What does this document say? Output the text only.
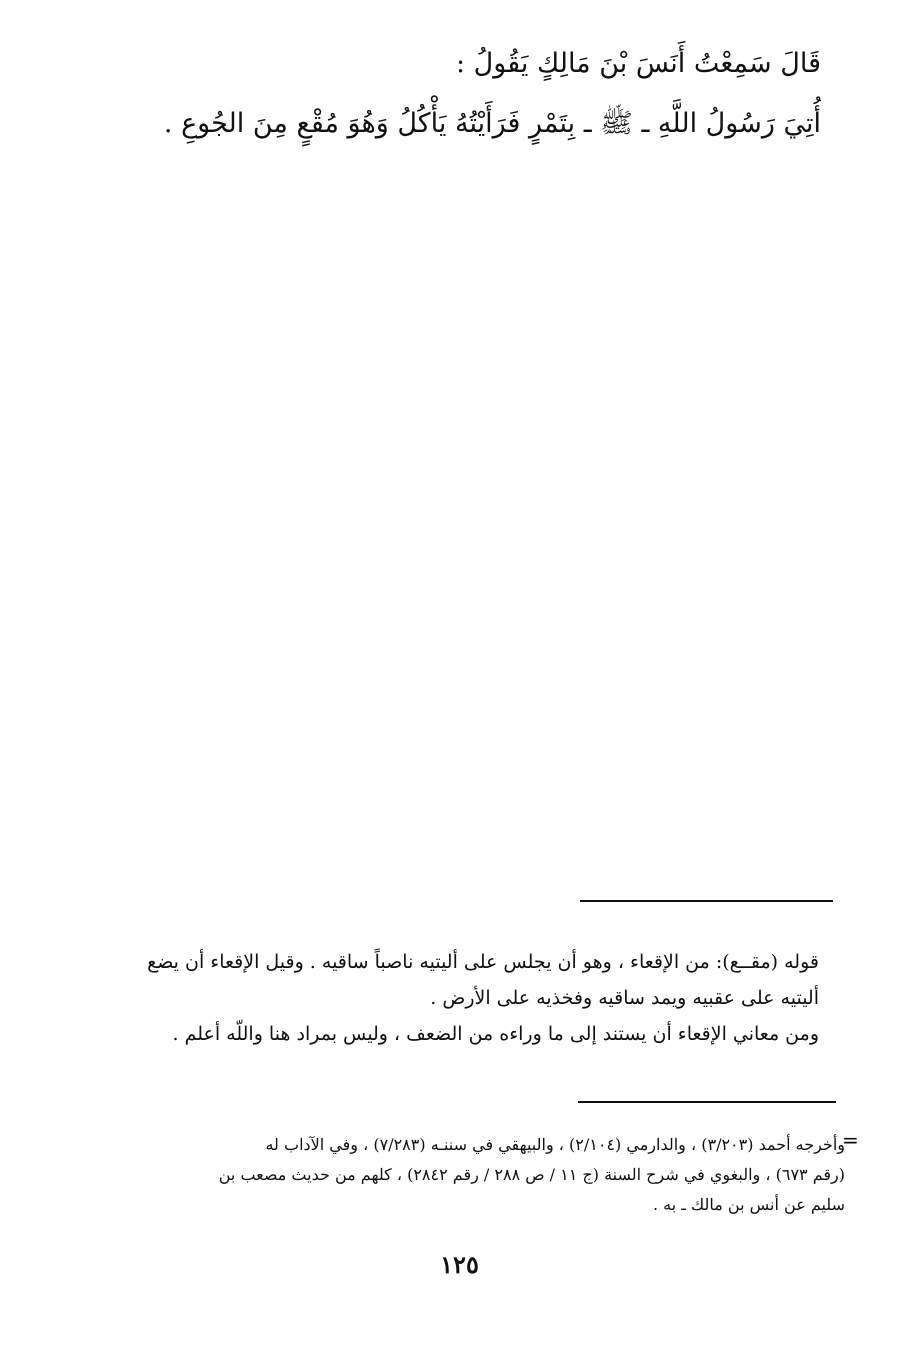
قَالَ سَمِعْتُ أَنَسَ بْنَ مَالِكٍ يَقُولُ :
أُتِيَ رَسُولُ اللَّهِ ـ ﷺ ـ بِتَمْرٍ فَرَأَيْتُهُ يَأْكُلُ وَهُوَ مُقْعٍ مِنَ الجُوعِ .

قوله (مقــع): من الإقعاء ، وهو أن يجلس على أليتيه ناصباً ساقيه . وقيل الإقعاء أن يضع

أليتيه على عقبيه ويمد ساقيه وفخذيه على الأرض .

ومن معاني الإقعاء أن يستند إلى ما وراءه من الضعف ، وليس بمراد هنا واللّه أعلم .

=

وأخرجه أحمد (٣/٢٠٣) ، والدارمي (٢/١٠٤) ، والبيهقي في سننـه (٧/٢٨٣) ، وفي الآداب له

(رقم ٦٧٣) ، والبغوي في شرح السنة (ج ١١ / ص ٢٨٨ / رقم ٢٨٤٢) ، كلهم من حديث مصعب بن

سليم عن أنس بن مالك ـ به .

١٢٥
